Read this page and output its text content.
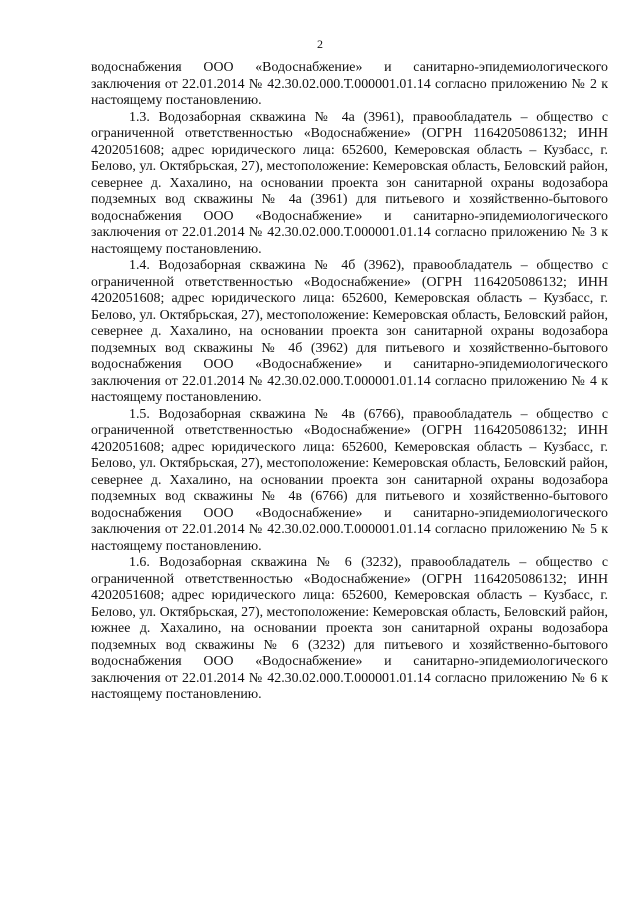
2

водоснабжения ООО «Водоснабжение» и санитарно-эпидемиологического заключения от 22.01.2014 № 42.30.02.000.Т.000001.01.14 согласно приложению № 2 к настоящему постановлению.

1.3. Водозаборная скважина № 4а (3961), правообладатель – общество с ограниченной ответственностью «Водоснабжение» (ОГРН 1164205086132; ИНН 4202051608; адрес юридического лица: 652600, Кемеровская область – Кузбасс, г. Белово, ул. Октябрьская, 27), местоположение: Кемеровская область, Беловский район, севернее д. Хахалино, на основании проекта зон санитарной охраны водозабора подземных вод скважины № 4а (3961) для питьевого и хозяйственно-бытового водоснабжения ООО «Водоснабжение» и санитарно-эпидемиологического заключения от 22.01.2014 № 42.30.02.000.Т.000001.01.14 согласно приложению № 3 к настоящему постановлению.

1.4. Водозаборная скважина № 4б (3962), правообладатель – общество с ограниченной ответственностью «Водоснабжение» (ОГРН 1164205086132; ИНН 4202051608; адрес юридического лица: 652600, Кемеровская область – Кузбасс, г. Белово, ул. Октябрьская, 27), местоположение: Кемеровская область, Беловский район, севернее д. Хахалино, на основании проекта зон санитарной охраны водозабора подземных вод скважины № 4б (3962) для питьевого и хозяйственно-бытового водоснабжения ООО «Водоснабжение» и санитарно-эпидемиологического заключения от 22.01.2014 № 42.30.02.000.Т.000001.01.14 согласно приложению № 4 к настоящему постановлению.

1.5. Водозаборная скважина № 4в (6766), правообладатель – общество с ограниченной ответственностью «Водоснабжение» (ОГРН 1164205086132; ИНН 4202051608; адрес юридического лица: 652600, Кемеровская область – Кузбасс, г. Белово, ул. Октябрьская, 27), местоположение: Кемеровская область, Беловский район, севернее д. Хахалино, на основании проекта зон санитарной охраны водозабора подземных вод скважины № 4в (6766) для питьевого и хозяйственно-бытового водоснабжения ООО «Водоснабжение» и санитарно-эпидемиологического заключения от 22.01.2014 № 42.30.02.000.Т.000001.01.14 согласно приложению № 5 к настоящему постановлению.

1.6. Водозаборная скважина № 6 (3232), правообладатель – общество с ограниченной ответственностью «Водоснабжение» (ОГРН 1164205086132; ИНН 4202051608; адрес юридического лица: 652600, Кемеровская область – Кузбасс, г. Белово, ул. Октябрьская, 27), местоположение: Кемеровская область, Беловский район, южнее д. Хахалино, на основании проекта зон санитарной охраны водозабора подземных вод скважины № 6 (3232) для питьевого и хозяйственно-бытового водоснабжения ООО «Водоснабжение» и санитарно-эпидемиологического заключения от 22.01.2014 № 42.30.02.000.Т.000001.01.14 согласно приложению № 6 к настоящему постановлению.
